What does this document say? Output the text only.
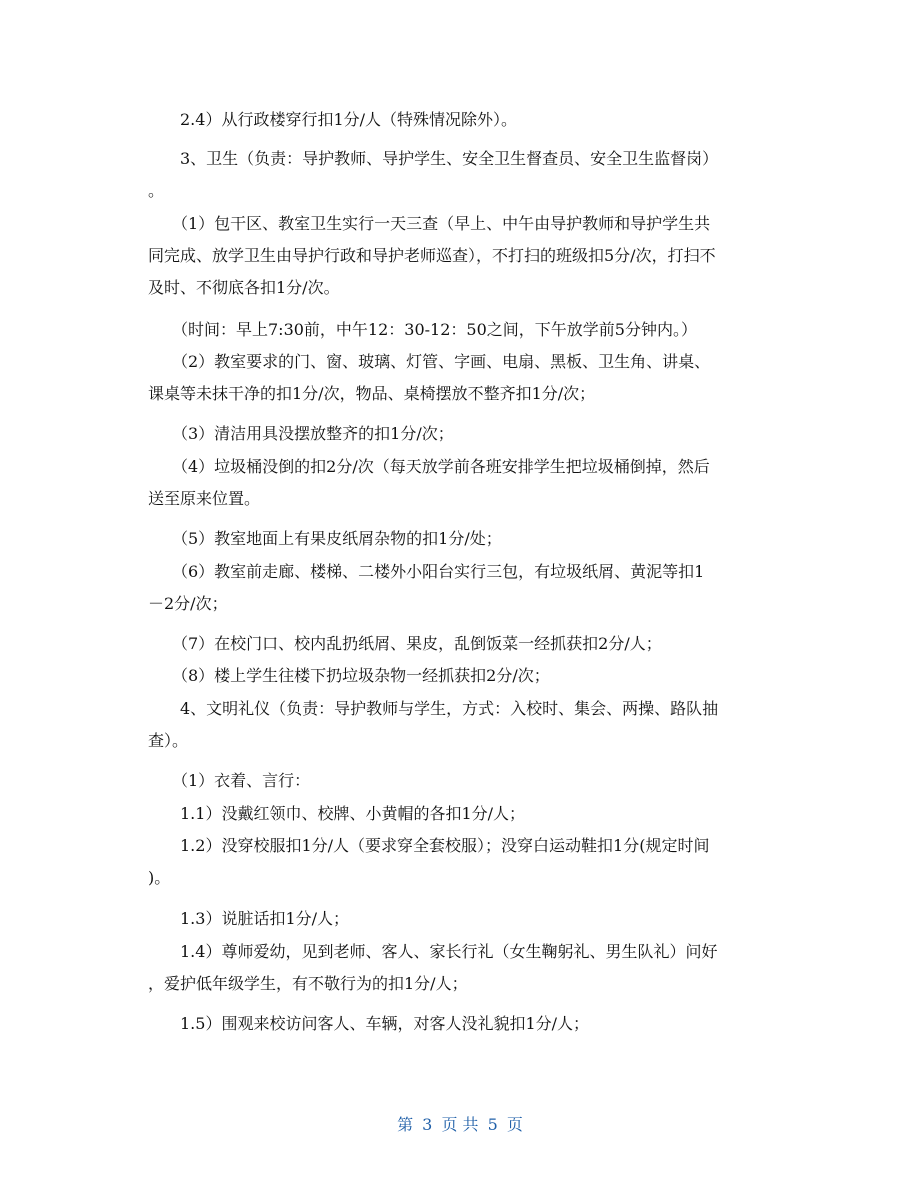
　　2.4）从行政楼穿行扣1分/人（特殊情况除外）。
　　3、卫生（负责：导护教师、导护学生、安全卫生督查员、安全卫生监督岗）
。
　　（1）包干区、教室卫生实行一天三查（早上、中午由导护教师和导护学生共
同完成、放学卫生由导护行政和导护老师巡查），不打扫的班级扣5分/次，打扫不
及时、不彻底各扣1分/次。
　　（时间：早上7:30前，中午12：30-12：50之间，下午放学前5分钟内。）
　　（2）教室要求的门、窗、玻璃、灯管、字画、电扇、黑板、卫生角、讲桌、
课桌等未抹干净的扣1分/次，物品、桌椅摆放不整齐扣1分/次；
　　（3）清洁用具没摆放整齐的扣1分/次；
　　（4）垃圾桶没倒的扣2分/次（每天放学前各班安排学生把垃圾桶倒掉，然后
送至原来位置。
　　（5）教室地面上有果皮纸屑杂物的扣1分/处；
　　（6）教室前走廊、楼梯、二楼外小阳台实行三包，有垃圾纸屑、黄泥等扣1
－2分/次；
　　（7）在校门口、校内乱扔纸屑、果皮，乱倒饭菜一经抓获扣2分/人；
　　（8）楼上学生往楼下扔垃圾杂物一经抓获扣2分/次；
　　4、文明礼仪（负责：导护教师与学生，方式：入校时、集会、两操、路队抽
查）。
　　（1）衣着、言行：
　　1.1）没戴红领巾、校牌、小黄帽的各扣1分/人；
　　1.2）没穿校服扣1分/人（要求穿全套校服）；没穿白运动鞋扣1分(规定时间
)。
　　1.3）说脏话扣1分/人；
　　1.4）尊师爱幼，见到老师、客人、家长行礼（女生鞠躬礼、男生队礼）问好
，爱护低年级学生，有不敬行为的扣1分/人；
　　1.5）围观来校访问客人、车辆，对客人没礼貌扣1分/人；
第 3 页 共 5 页
